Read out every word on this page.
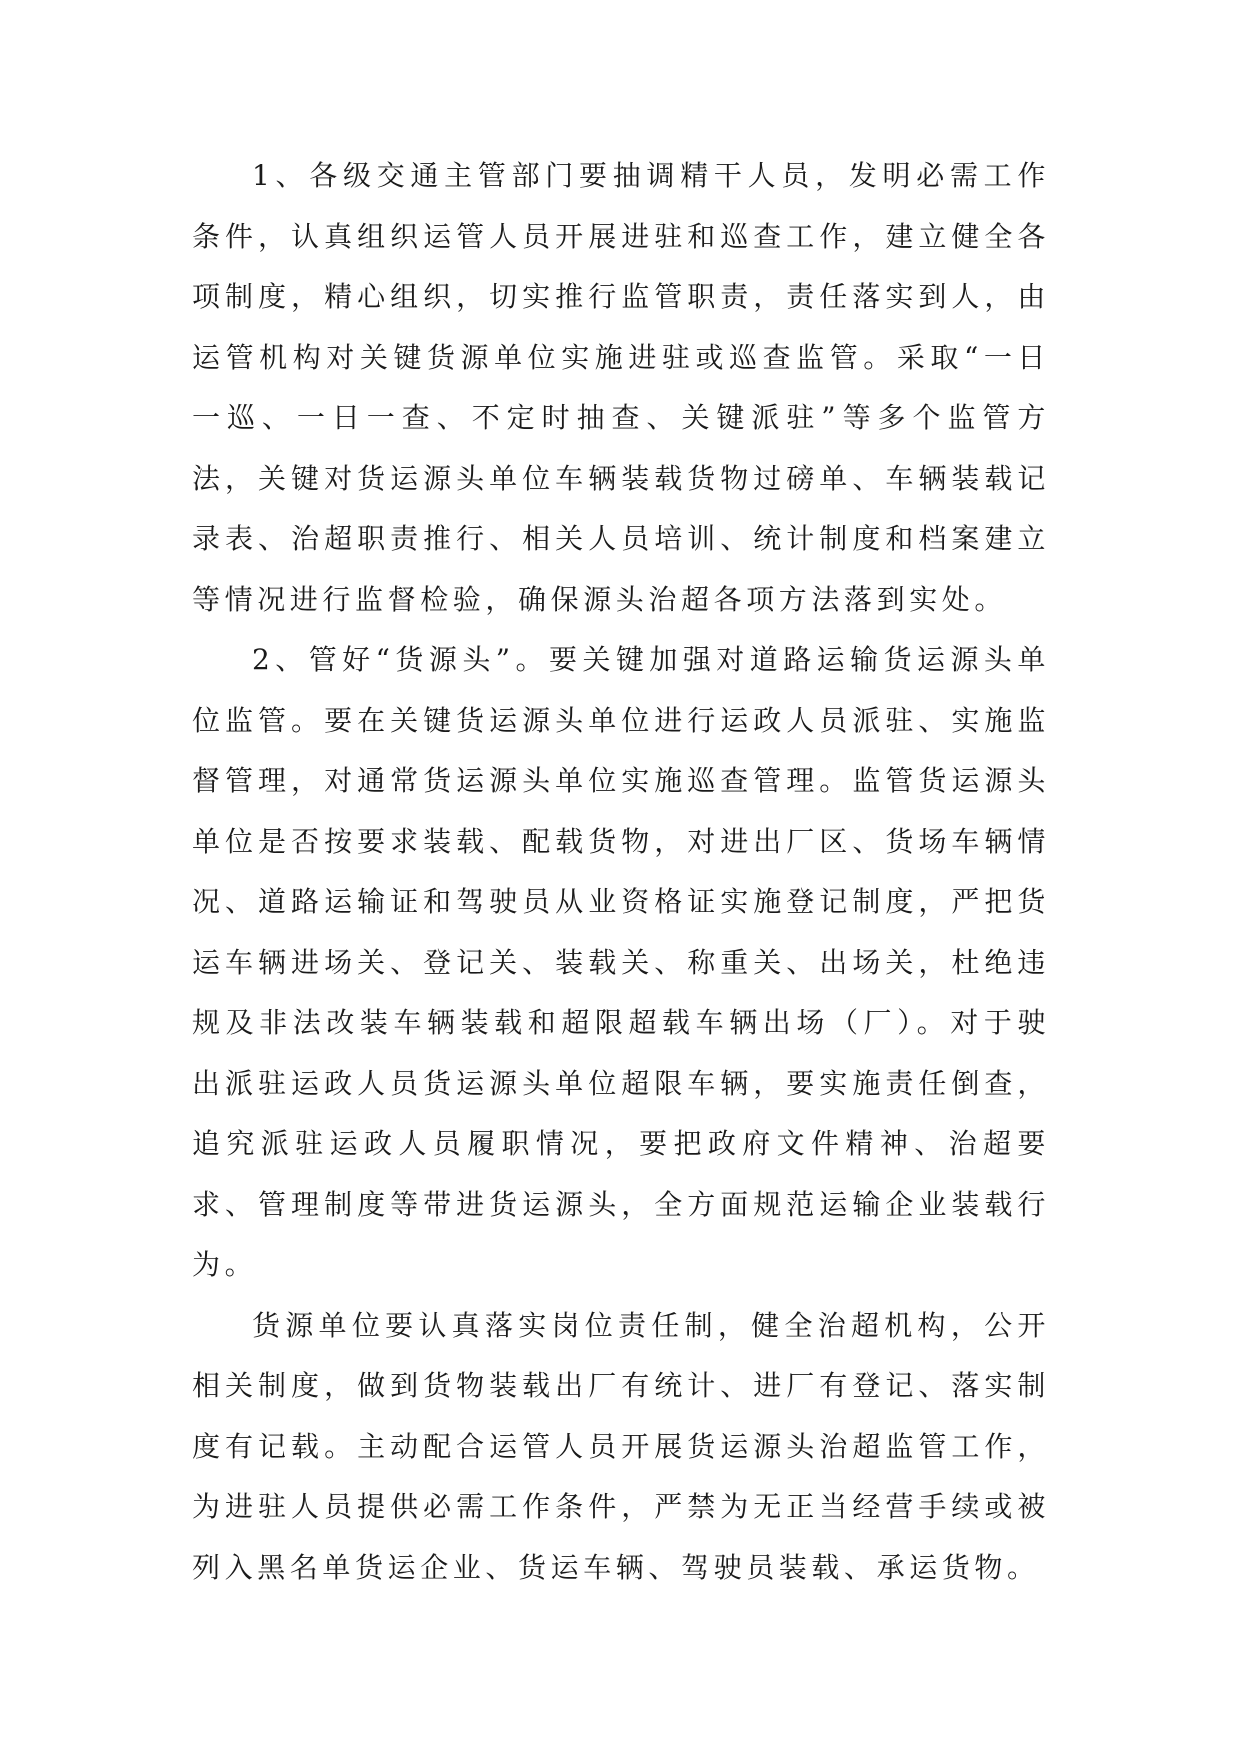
1、各级交通主管部门要抽调精干人员，发明必需工作条件，认真组织运管人员开展进驻和巡查工作，建立健全各项制度，精心组织，切实推行监管职责，责任落实到人，由运管机构对关键货源单位实施进驻或巡查监管。采取“一日一巡、一日一查、不定时抽查、关键派驻”等多个监管方法，关键对货运源头单位车辆装载货物过磅单、车辆装载记录表、治超职责推行、相关人员培训、统计制度和档案建立等情况进行监督检验，确保源头治超各项方法落到实处。

2、管好“货源头”。要关键加强对道路运输货运源头单位监管。要在关键货运源头单位进行运政人员派驻、实施监督管理，对通常货运源头单位实施巡查管理。监管货运源头单位是否按要求装载、配载货物，对进出厂区、货场车辆情况、道路运输证和驾驶员从业资格证实施登记制度，严把货运车辆进场关、登记关、装载关、称重关、出场关，杜绝违规及非法改装车辆装载和超限超载车辆出场（厂）。对于驶出派驻运政人员货运源头单位超限车辆，要实施责任倒查，追究派驻运政人员履职情况，要把政府文件精神、治超要求、管理制度等带进货运源头，全方面规范运输企业装载行为。

货源单位要认真落实岗位责任制，健全治超机构，公开相关制度，做到货物装载出厂有统计、进厂有登记、落实制度有记载。主动配合运管人员开展货运源头治超监管工作，为进驻人员提供必需工作条件，严禁为无正当经营手续或被列入黑名单货运企业、货运车辆、驾驶员装载、承运货物。
